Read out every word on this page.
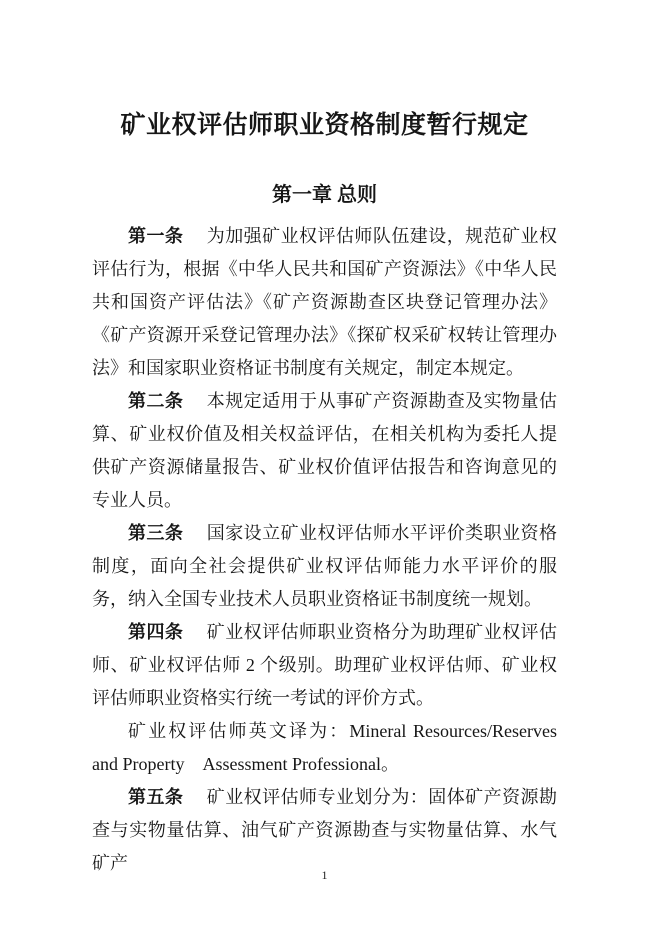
矿业权评估师职业资格制度暂行规定
第一章 总则

第一条 为加强矿业权评估师队伍建设，规范矿业权评估行为，根据《中华人民共和国矿产资源法》《中华人民共和国资产评估法》《矿产资源勘查区块登记管理办法》《矿产资源开采登记管理办法》《探矿权采矿权转让管理办法》和国家职业资格证书制度有关规定，制定本规定。

第二条 本规定适用于从事矿产资源勘查及实物量估算、矿业权价值及相关权益评估，在相关机构为委托人提供矿产资源储量报告、矿业权价值评估报告和咨询意见的专业人员。

第三条 国家设立矿业权评估师水平评价类职业资格制度，面向全社会提供矿业权评估师能力水平评价的服务，纳入全国专业技术人员职业资格证书制度统一规划。

第四条 矿业权评估师职业资格分为助理矿业权评估师、矿业权评估师 2 个级别。助理矿业权评估师、矿业权评估师职业资格实行统一考试的评价方式。

矿业权评估师英文译为：Mineral Resources/Reserves and Property　Assessment Professional。

第五条 矿业权评估师专业划分为：固体矿产资源勘查与实物量估算、油气矿产资源勘查与实物量估算、水气矿产

1
